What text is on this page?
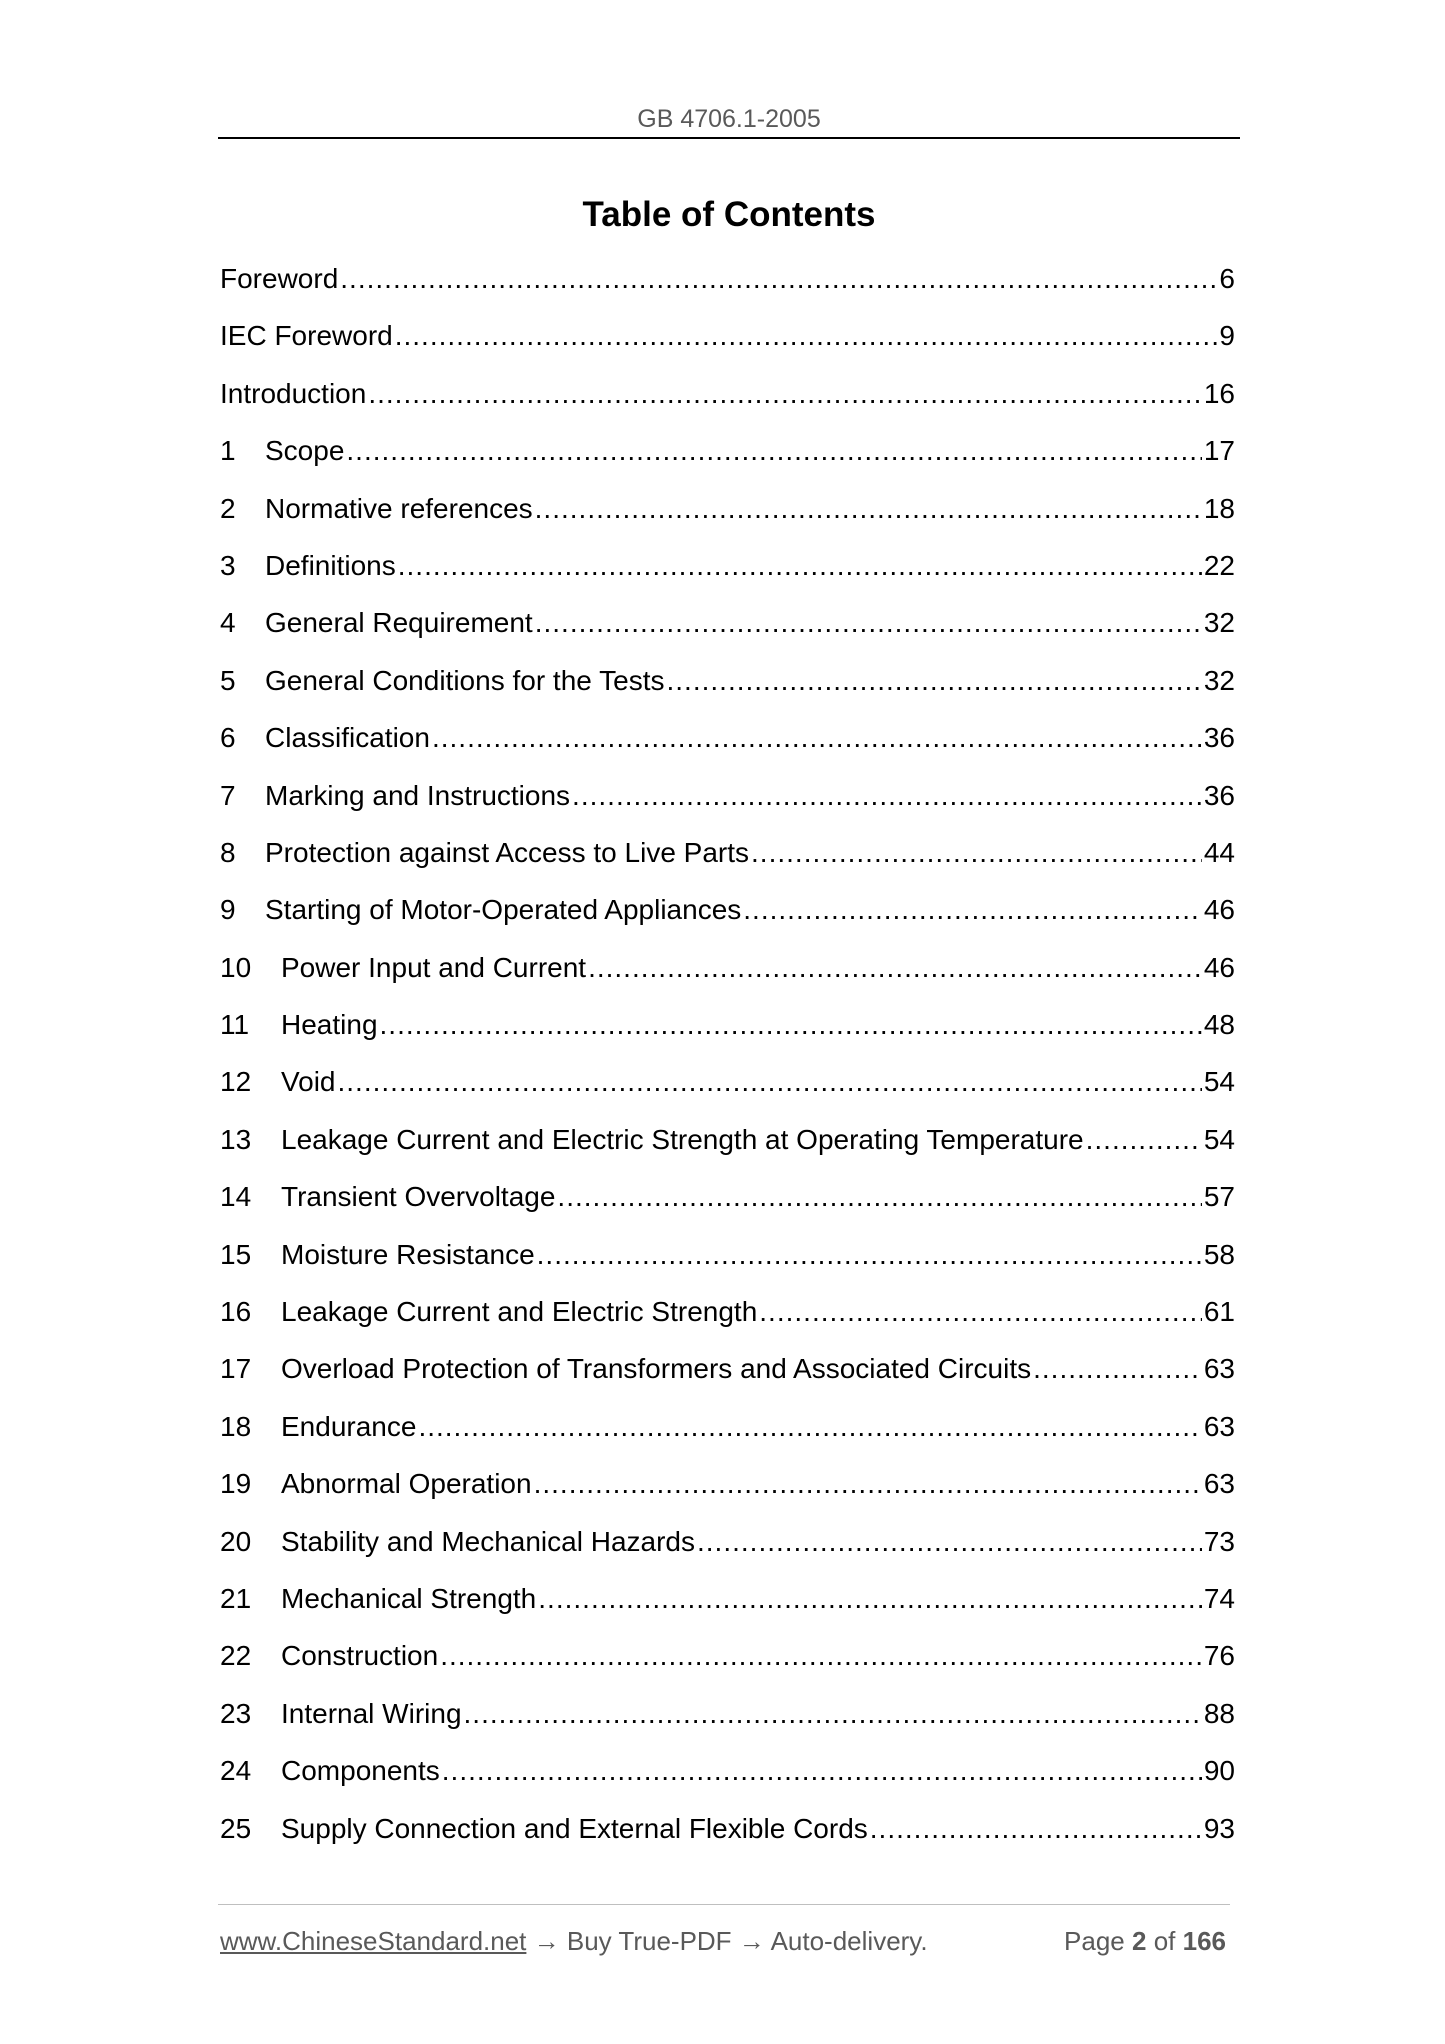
GB 4706.1-2005
Table of Contents
Foreword .....	6
IEC Foreword .....	9
Introduction .....	16
1	Scope .....	17
2	Normative references .....	18
3	Definitions .....	22
4	General Requirement .....	32
5	General Conditions for the Tests .....	32
6	Classification .....	36
7	Marking and Instructions .....	36
8	Protection against Access to Live Parts .....	44
9	Starting of Motor-Operated Appliances .....	46
10	Power Input and Current .....	46
11	Heating .....	48
12	Void .....	54
13	Leakage Current and Electric Strength at Operating Temperature .....	54
14	Transient Overvoltage .....	57
15	Moisture Resistance .....	58
16	Leakage Current and Electric Strength .....	61
17	Overload Protection of Transformers and Associated Circuits .....	63
18	Endurance .....	63
19	Abnormal Operation .....	63
20	Stability and Mechanical Hazards .....	73
21	Mechanical Strength .....	74
22	Construction .....	76
23	Internal Wiring .....	88
24	Components .....	90
25	Supply Connection and External Flexible Cords .....	93
www.ChineseStandard.net → Buy True-PDF → Auto-delivery.	Page 2 of 166
